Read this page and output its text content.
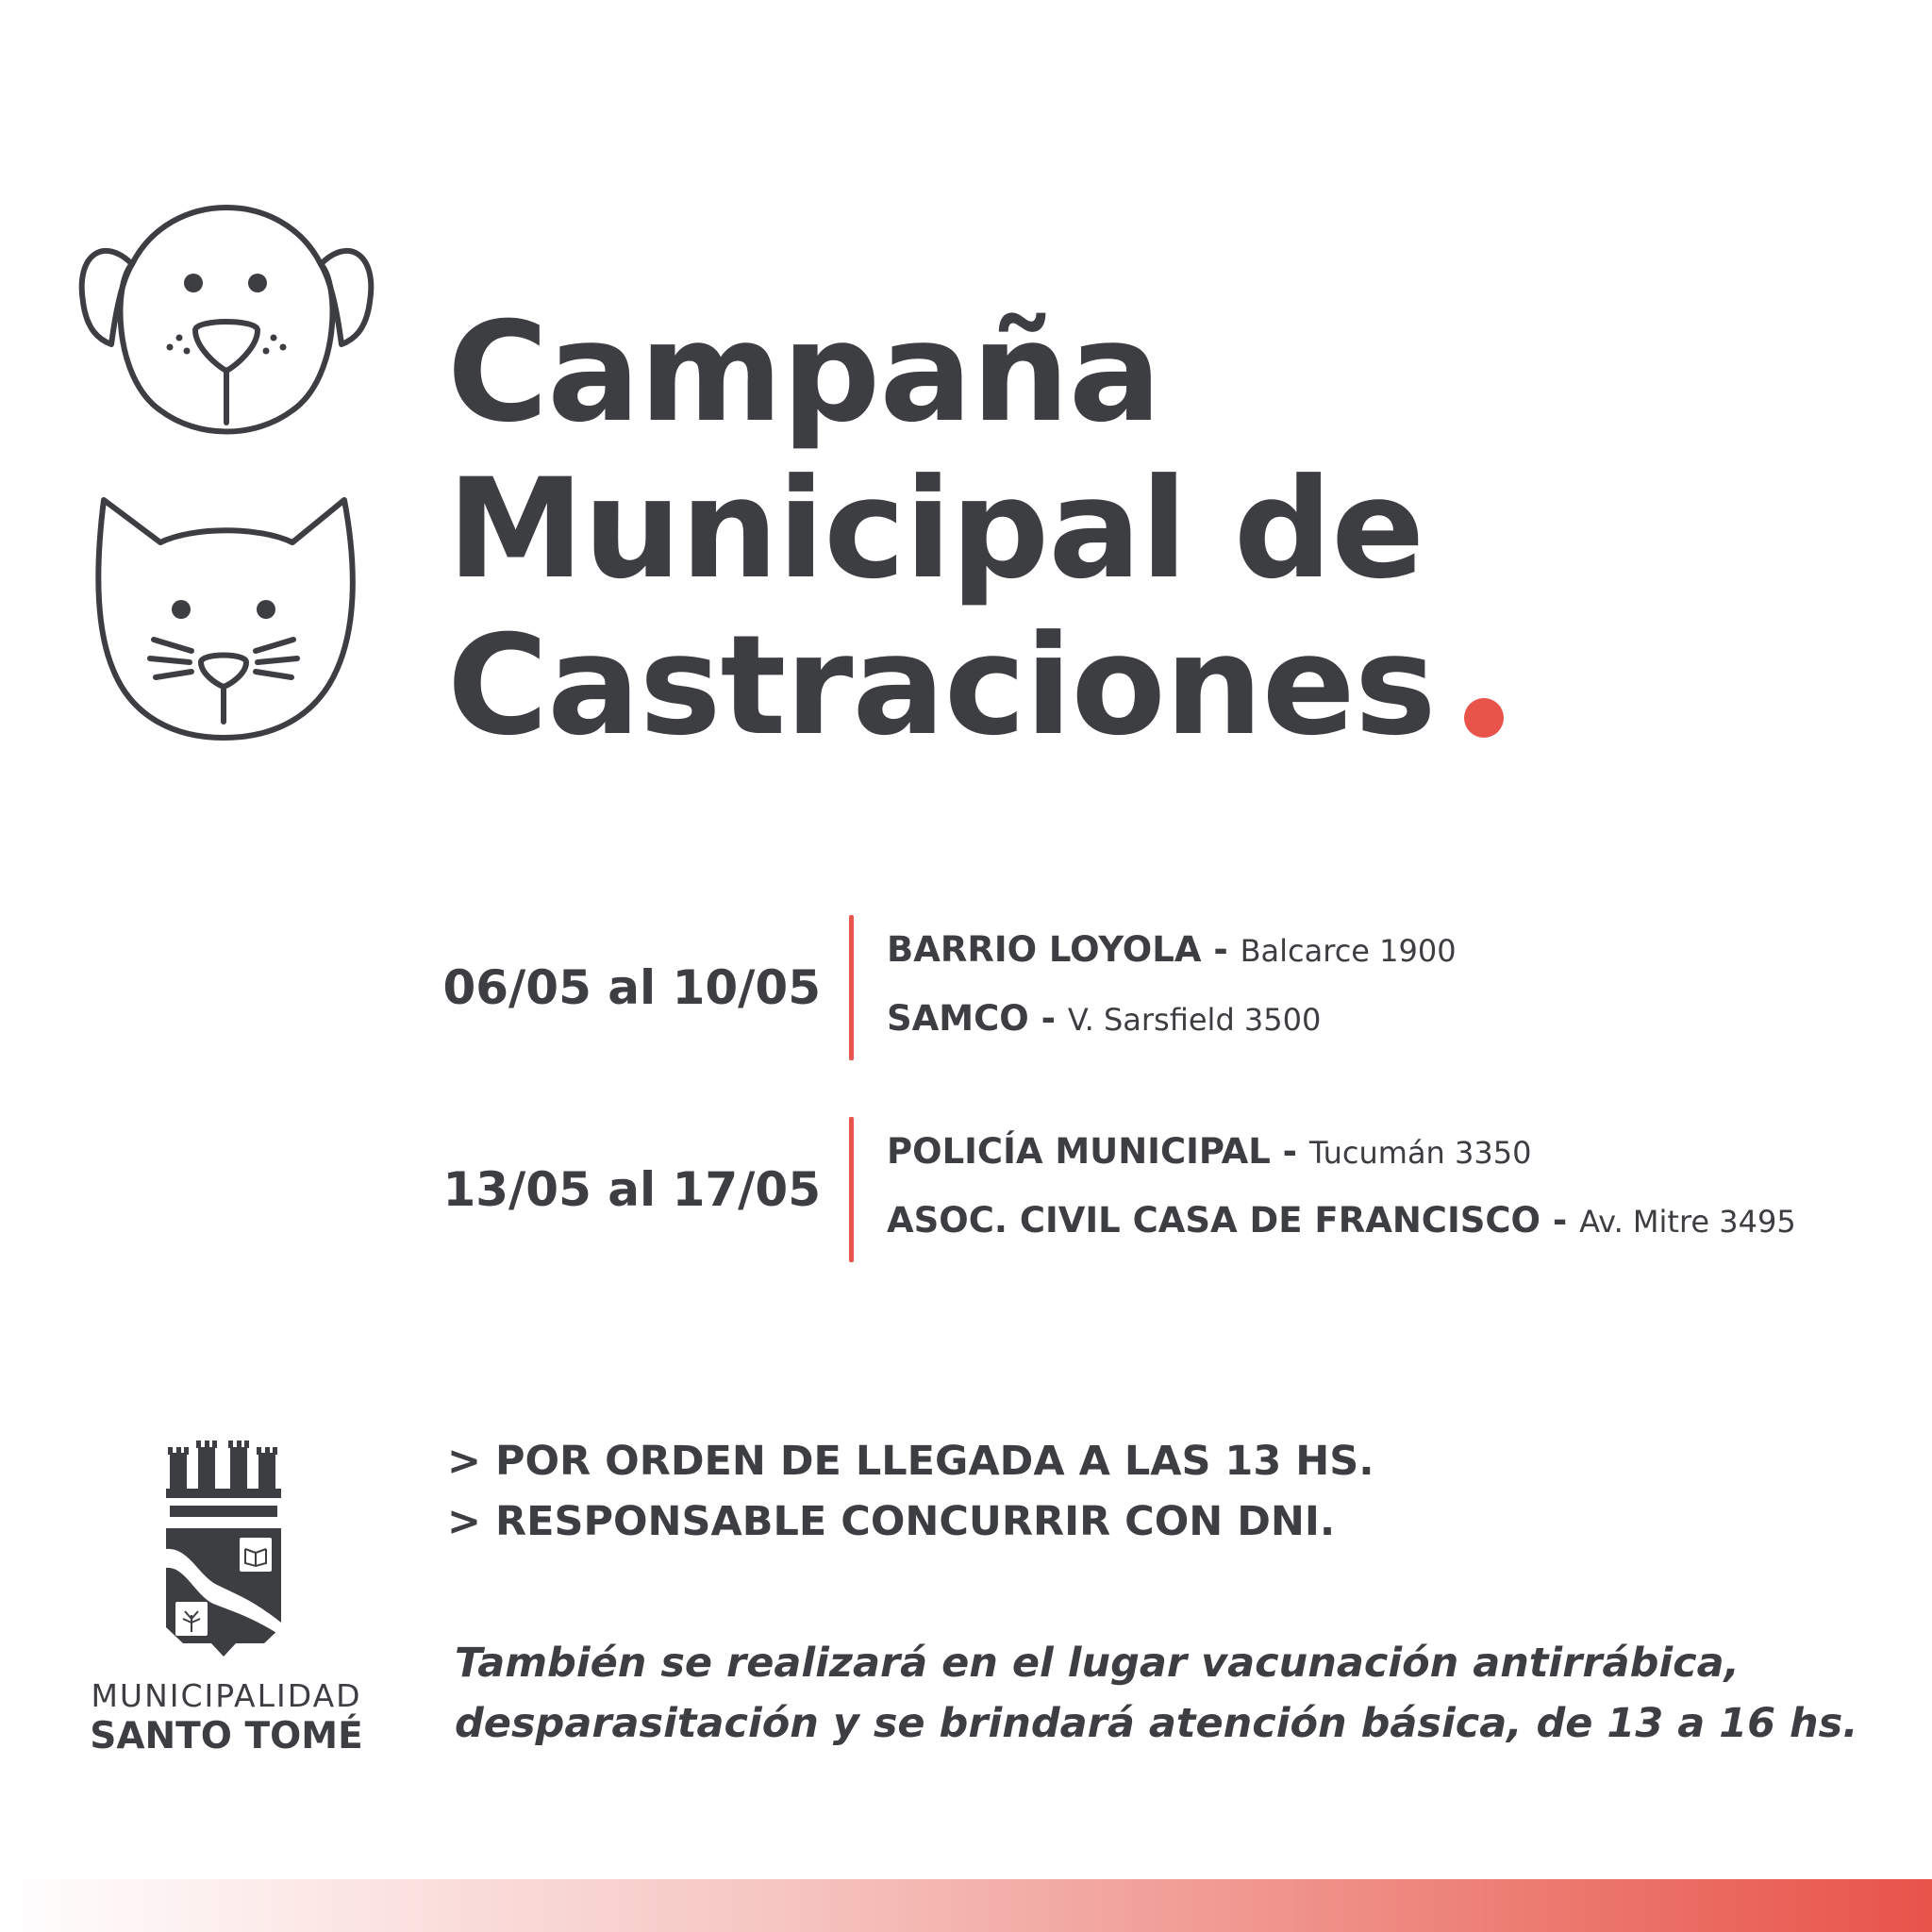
Campaña
Municipal de
Castraciones
06/05 al 10/05
BARRIO LOYOLA - Balcarce 1900
SAMCO - V. Sarsfield 3500
13/05 al 17/05
POLICÍA MUNICIPAL - Tucumán 3350
ASOC. CIVIL CASA DE FRANCISCO - Av. Mitre 3495
MUNICIPALIDAD
SANTO TOMÉ

> POR ORDEN DE LLEGADA A LAS 13 HS.

> RESPONSABLE CONCURRIR CON DNI.

También se realizará en el lugar vacunación antirrábica,

desparasitación y se brindará atención básica, de 13 a 16 hs.
